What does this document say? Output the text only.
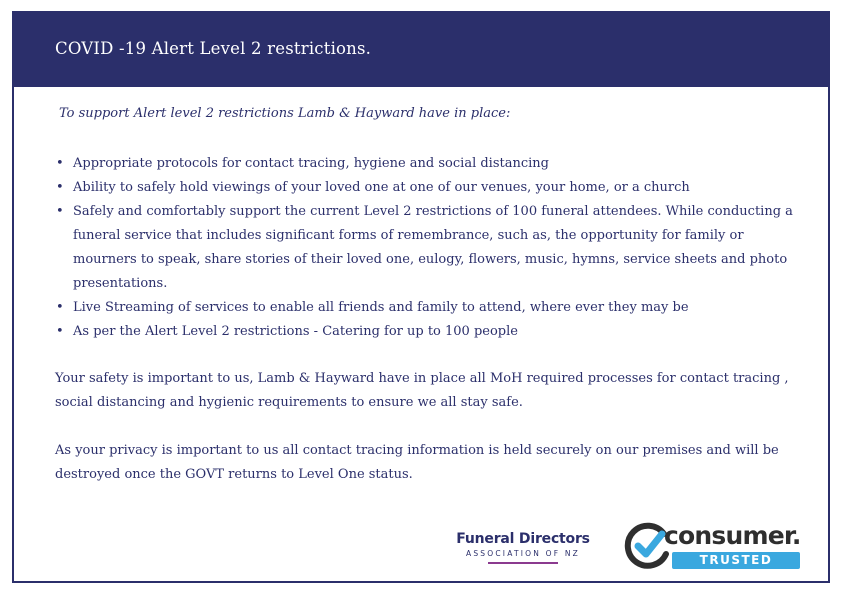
COVID -19 Alert Level 2 restrictions.
To support Alert level 2 restrictions Lamb & Hayward have in place:
• Appropriate protocols for contact tracing, hygiene and social distancing
• Ability to safely hold viewings of your loved one at one of our venues, your home, or a church
• Safely and comfortably support the current Level 2 restrictions of 100 funeral attendees. While conducting a funeral service that includes significant forms of remembrance, such as, the opportunity for family or mourners to speak, share stories of their loved one, eulogy, flowers, music, hymns, service sheets and photo presentations.
• Live Streaming of services to enable all friends and family to attend, where ever they may be
• As per the Alert Level 2 restrictions - Catering for up to 100 people

Your safety is important to us, Lamb & Hayward have in place all MoH required processes for contact tracing , social distancing and hygienic requirements to ensure we all stay safe.

As your privacy is important to us all contact tracing information is held securely on our premises and will be destroyed once the GOVT returns to Level One status.

Funeral Directors
ASSOCIATION OF NZ
consumer.
TRUSTED
